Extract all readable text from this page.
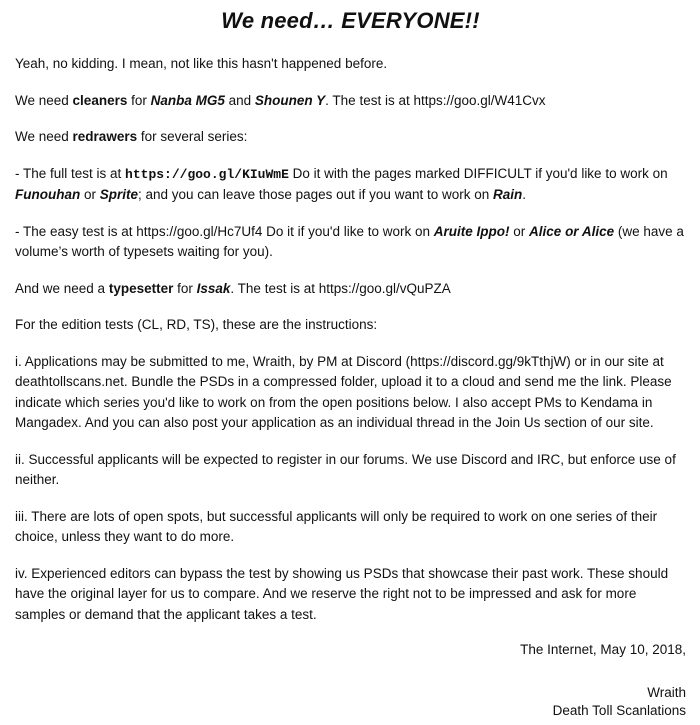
We need… EVERYONE!!

Yeah, no kidding. I mean, not like this hasn't happened before.

We need cleaners for Nanba MG5 and Shounen Y. The test is at https://goo.gl/W41Cvx

We need redrawers for several series:

- The full test is at https://goo.gl/KIuWmE Do it with the pages marked DIFFICULT if you'd like to work on Funouhan or Sprite; and you can leave those pages out if you want to work on Rain.

- The easy test is at https://goo.gl/Hc7Uf4 Do it if you'd like to work on Aruite Ippo! or Alice or Alice (we have a volume’s worth of typesets waiting for you).

And we need a typesetter for Issak. The test is at https://goo.gl/vQuPZA

For the edition tests (CL, RD, TS), these are the instructions:

i. Applications may be submitted to me, Wraith, by PM at Discord (https://discord.gg/9kTthjW) or in our site at deathtollscans.net. Bundle the PSDs in a compressed folder, upload it to a cloud and send me the link. Please indicate which series you'd like to work on from the open positions below. I also accept PMs to Kendama in Mangadex. And you can also post your application as an individual thread in the Join Us section of our site.

ii. Successful applicants will be expected to register in our forums. We use Discord and IRC, but enforce use of neither.

iii. There are lots of open spots, but successful applicants will only be required to work on one series of their choice, unless they want to do more.

iv. Experienced editors can bypass the test by showing us PSDs that showcase their past work. These should have the original layer for us to compare. And we reserve the right not to be impressed and ask for more samples or demand that the applicant takes a test.

The Internet, May 10, 2018,

Wraith

Death Toll Scanlations
